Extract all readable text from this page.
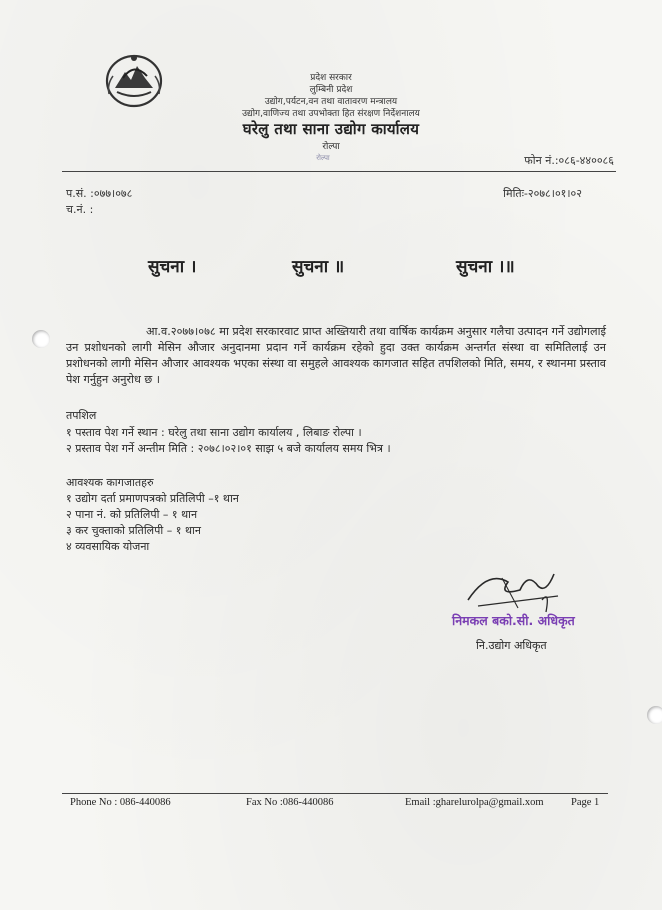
प्रदेश सरकार
लुम्बिनी प्रदेश
उद्योग,पर्यटन,वन तथा वातावरण मन्त्रालय
उद्योग,वाणिज्य तथा उपभोक्ता हित संरक्षण निर्देशनालय
घरेलु तथा साना उद्योग कार्यालय
रोल्पा
रोल्पा	फोन नं.:०८६-४४००८६
प.सं. :०७७।०७८
च.नं. :
मितिः-२०७८।०१।०२
सुचना ।	सुचना ॥	सुचना ।॥
आ.व.२०७७।०७८ मा प्रदेश सरकारवाट प्राप्त अख्तियारी तथा वार्षिक कार्यक्रम अनुसार गलैचा उत्पादन गर्ने उद्योगलाई उन प्रशोधनको लागी मेसिन औजार अनुदानमा प्रदान गर्ने कार्यक्रम रहेको हुदा उक्त कार्यक्रम अन्तर्गत संस्था वा समितिलाई उन प्रशोधनको लागी मेसिन औजार आवश्यक भएका संस्था वा समुहले आवश्यक कागजात सहित तपशिलको मिति, समय, र स्थानमा प्रस्ताव पेश गर्नुहुन अनुरोध छ ।
तपशिल
१ पस्ताव पेश गर्ने स्थान : घरेलु तथा साना उद्योग कार्यालय , लिबाङ रोल्पा ।
२ प्रस्ताव पेश गर्ने अन्तीम मिति : २०७८।०२।०१ साझ ५ बजे कार्यालय समय भित्र ।
आवश्यक कागजातहरु
१ उद्योग दर्ता प्रमाणपत्रको प्रतिलिपी –१ थान
२ पाना नं. को प्रतिलिपी – १ थान
३ कर चुक्ताको प्रतिलिपी – १ थान
४ व्यवसायिक योजना
निमकल बको.सी. अधिकृत
नि.उद्योग अधिकृत
Phone No : 086-440086	Fax No :086-440086	Email :gharelurolpa@gmail.xom	Page 1
